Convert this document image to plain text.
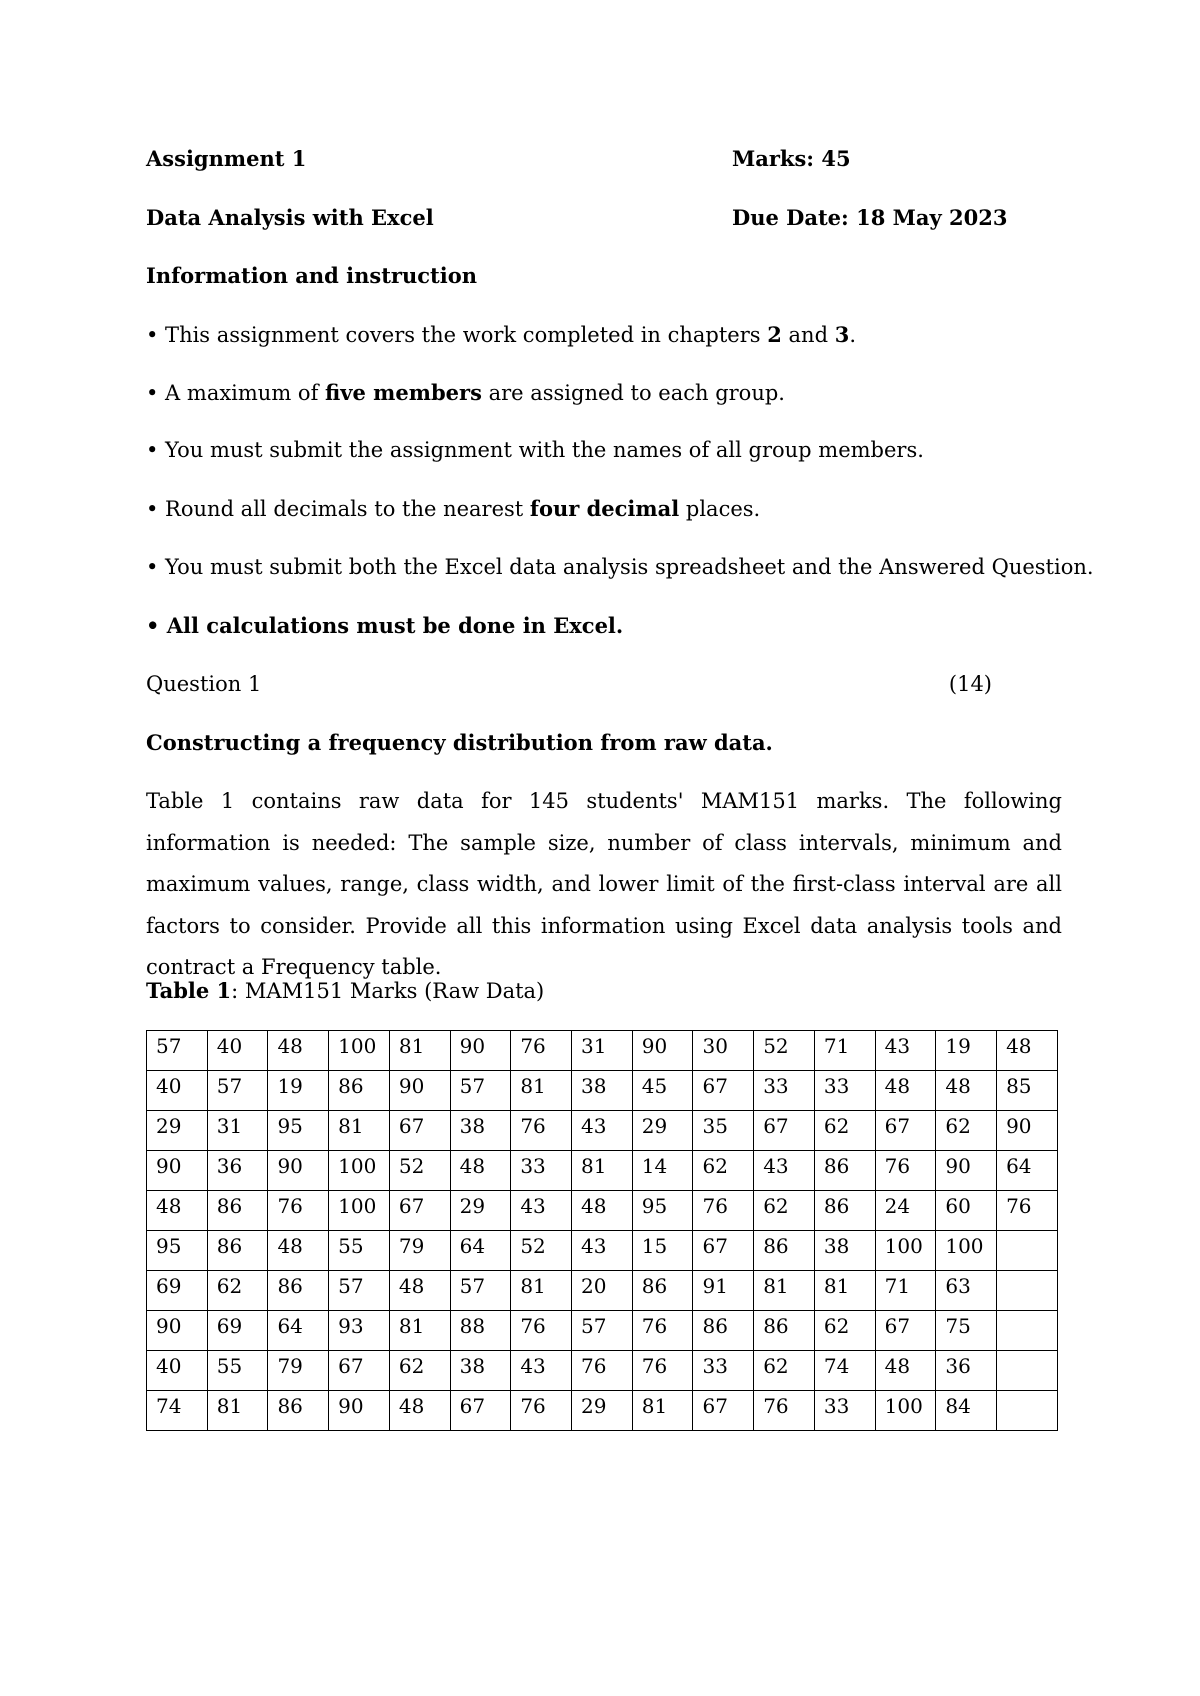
Assignment 1	Marks: 45
Data Analysis with Excel	Due Date: 18 May 2023
Information and instruction
• This assignment covers the work completed in chapters 2 and 3.
• A maximum of five members are assigned to each group.
• You must submit the assignment with the names of all group members.
• Round all decimals to the nearest four decimal places.
• You must submit both the Excel data analysis spreadsheet and the Answered Question.
• All calculations must be done in Excel.
Question 1	(14)
Constructing a frequency distribution from raw data.
Table 1 contains raw data for 145 students' MAM151 marks. The following information is needed: The sample size, number of class intervals, minimum and maximum values, range, class width, and lower limit of the first-class interval are all factors to consider. Provide all this information using Excel data analysis tools and contract a Frequency table.
Table 1: MAM151 Marks (Raw Data)
57	40	48	100	81	90	76	31	90	30	52	71	43	19	48
40	57	19	86	90	57	81	38	45	67	33	33	48	48	85
29	31	95	81	67	38	76	43	29	35	67	62	67	62	90
90	36	90	100	52	48	33	81	14	62	43	86	76	90	64
48	86	76	100	67	29	43	48	95	76	62	86	24	60	76
95	86	48	55	79	64	52	43	15	67	86	38	100	100	
69	62	86	57	48	57	81	20	86	91	81	81	71	63	
90	69	64	93	81	88	76	57	76	86	86	62	67	75	
40	55	79	67	62	38	43	76	76	33	62	74	48	36	
74	81	86	90	48	67	76	29	81	67	76	33	100	84	
